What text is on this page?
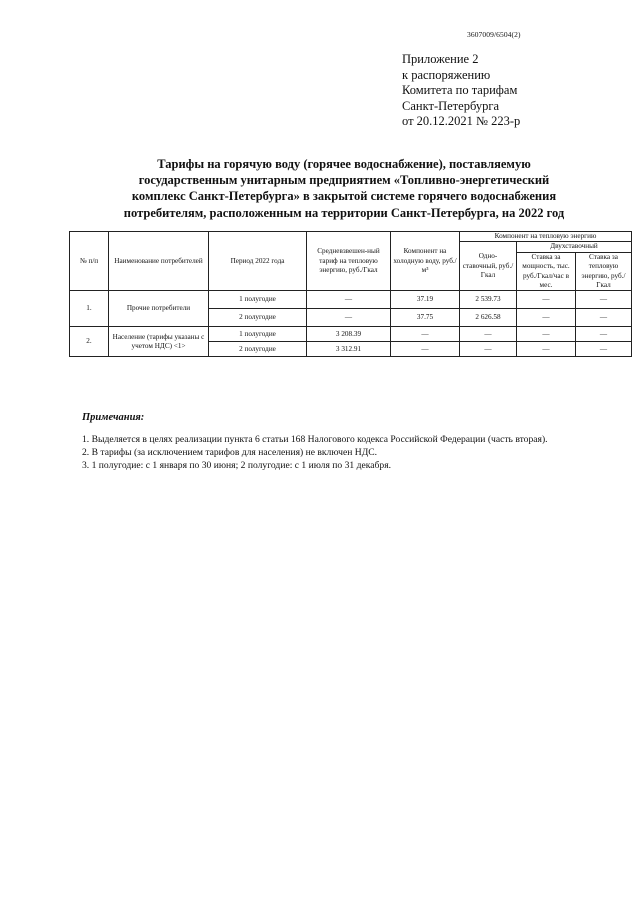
3607009/6504(2)
Приложение 2
к распоряжению
Комитета по тарифам
Санкт-Петербурга
от 20.12.2021 № 223-р
Тарифы на горячую воду (горячее водоснабжение), поставляемую
государственным унитарным предприятием «Топливно-энергетический
комплекс Санкт-Петербурга» в закрытой системе горячего водоснабжения
потребителям, расположенным на территории Санкт-Петербурга, на 2022 год
№ п/п	Наименование потребителей	Период 2022 года	Средневзвешен-ный тариф на тепловую энергию, руб./Гкал	Компонент на холодную воду, руб./м³	Компонент на тепловую энергию		
					Одно-ставочный, руб./Гкал	Двухставочный	
						Ставка за мощность, тыс. руб./Гкал/час в мес.	Ставка за тепловую энергию, руб./Гкал
1.	Прочие потребители	1 полугодие	—	37.19	2 539.73	—	—
		2 полугодие	—	37.75	2 626.58	—	—
2.	Население (тарифы указаны с учетом НДС) <1>	1 полугодие	3 208.39	—	—	—	—
		2 полугодие	3 312.91	—	—	—	—
Примечания:
1. Выделяется в целях реализации пункта 6 статьи 168 Налогового кодекса Российской Федерации (часть вторая).
2. В тарифы (за исключением тарифов для населения) не включен НДС.
3. 1 полугодие: с 1 января по 30 июня; 2 полугодие: с 1 июля по 31 декабря.
